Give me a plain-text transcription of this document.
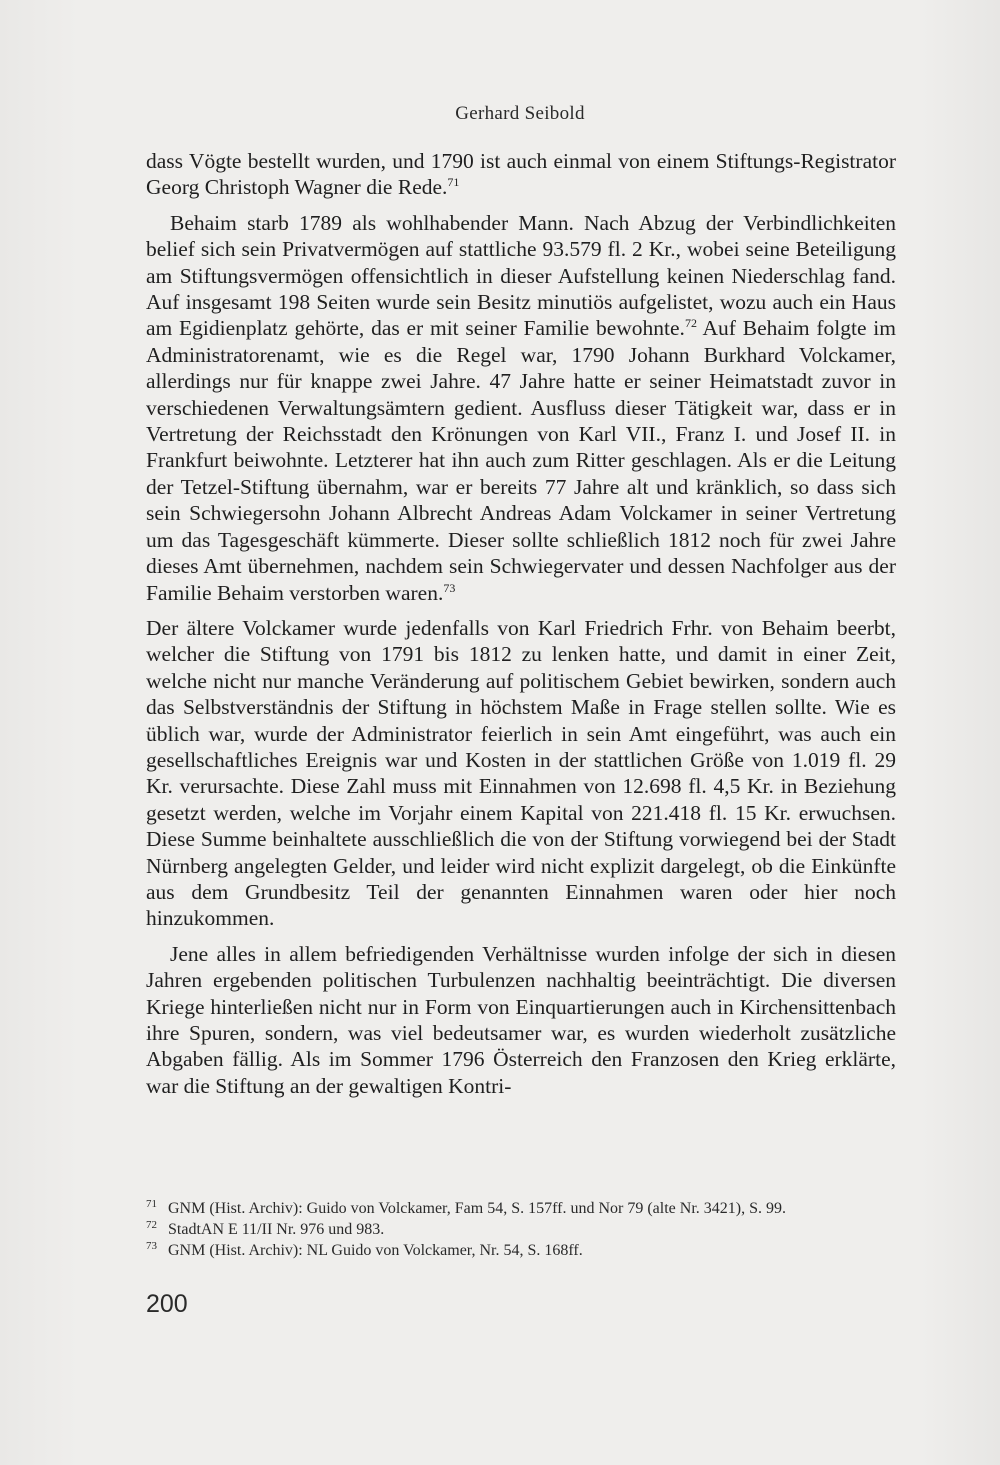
Gerhard Seibold

dass Vögte bestellt wurden, und 1790 ist auch einmal von einem Stiftungs-Registrator Georg Christoph Wagner die Rede.$^{71}$

Behaim starb 1789 als wohlhabender Mann. Nach Abzug der Verbindlichkeiten belief sich sein Privatvermögen auf stattliche 93.579 fl. 2 Kr., wobei seine Beteiligung am Stiftungsvermögen offensichtlich in dieser Aufstellung keinen Niederschlag fand. Auf insgesamt 198 Seiten wurde sein Besitz minutiös aufgelistet, wozu auch ein Haus am Egidienplatz gehörte, das er mit seiner Familie bewohnte.$^{72}$ Auf Behaim folgte im Administratorenamt, wie es die Regel war, 1790 Johann Burkhard Volckamer, allerdings nur für knappe zwei Jahre. 47 Jahre hatte er seiner Heimatstadt zuvor in verschiedenen Verwaltungsämtern gedient. Ausfluss dieser Tätigkeit war, dass er in Vertretung der Reichsstadt den Krönungen von Karl VII., Franz I. und Josef II. in Frankfurt beiwohnte. Letzterer hat ihn auch zum Ritter geschlagen. Als er die Leitung der Tetzel-Stiftung übernahm, war er bereits 77 Jahre alt und kränklich, so dass sich sein Schwiegersohn Johann Albrecht Andreas Adam Volckamer in seiner Vertretung um das Tagesgeschäft kümmerte. Dieser sollte schließlich 1812 noch für zwei Jahre dieses Amt übernehmen, nachdem sein Schwiegervater und dessen Nachfolger aus der Familie Behaim verstorben waren.$^{73}$

Der ältere Volckamer wurde jedenfalls von Karl Friedrich Frhr. von Behaim beerbt, welcher die Stiftung von 1791 bis 1812 zu lenken hatte, und damit in einer Zeit, welche nicht nur manche Veränderung auf politischem Gebiet bewirken, sondern auch das Selbstverständnis der Stiftung in höchstem Maße in Frage stellen sollte. Wie es üblich war, wurde der Administrator feierlich in sein Amt eingeführt, was auch ein gesellschaftliches Ereignis war und Kosten in der stattlichen Größe von 1.019 fl. 29 Kr. verursachte. Diese Zahl muss mit Einnahmen von 12.698 fl. 4,5 Kr. in Beziehung gesetzt werden, welche im Vorjahr einem Kapital von 221.418 fl. 15 Kr. erwuchsen. Diese Summe beinhaltete ausschließlich die von der Stiftung vorwiegend bei der Stadt Nürnberg angelegten Gelder, und leider wird nicht explizit dargelegt, ob die Einkünfte aus dem Grundbesitz Teil der genannten Einnahmen waren oder hier noch hinzukommen.

Jene alles in allem befriedigenden Verhältnisse wurden infolge der sich in diesen Jahren ergebenden politischen Turbulenzen nachhaltig beeinträchtigt. Die diversen Kriege hinterließen nicht nur in Form von Einquartierungen auch in Kirchensittenbach ihre Spuren, sondern, was viel bedeutsamer war, es wurden wiederholt zusätzliche Abgaben fällig. Als im Sommer 1796 Österreich den Franzosen den Krieg erklärte, war die Stiftung an der gewaltigen Kontri-

71 GNM (Hist. Archiv): Guido von Volckamer, Fam 54, S. 157ff. und Nor 79 (alte Nr. 3421), S. 99.
72 StadtAN E 11/II Nr. 976 und 983.
73 GNM (Hist. Archiv): NL Guido von Volckamer, Nr. 54, S. 168ff.
200
